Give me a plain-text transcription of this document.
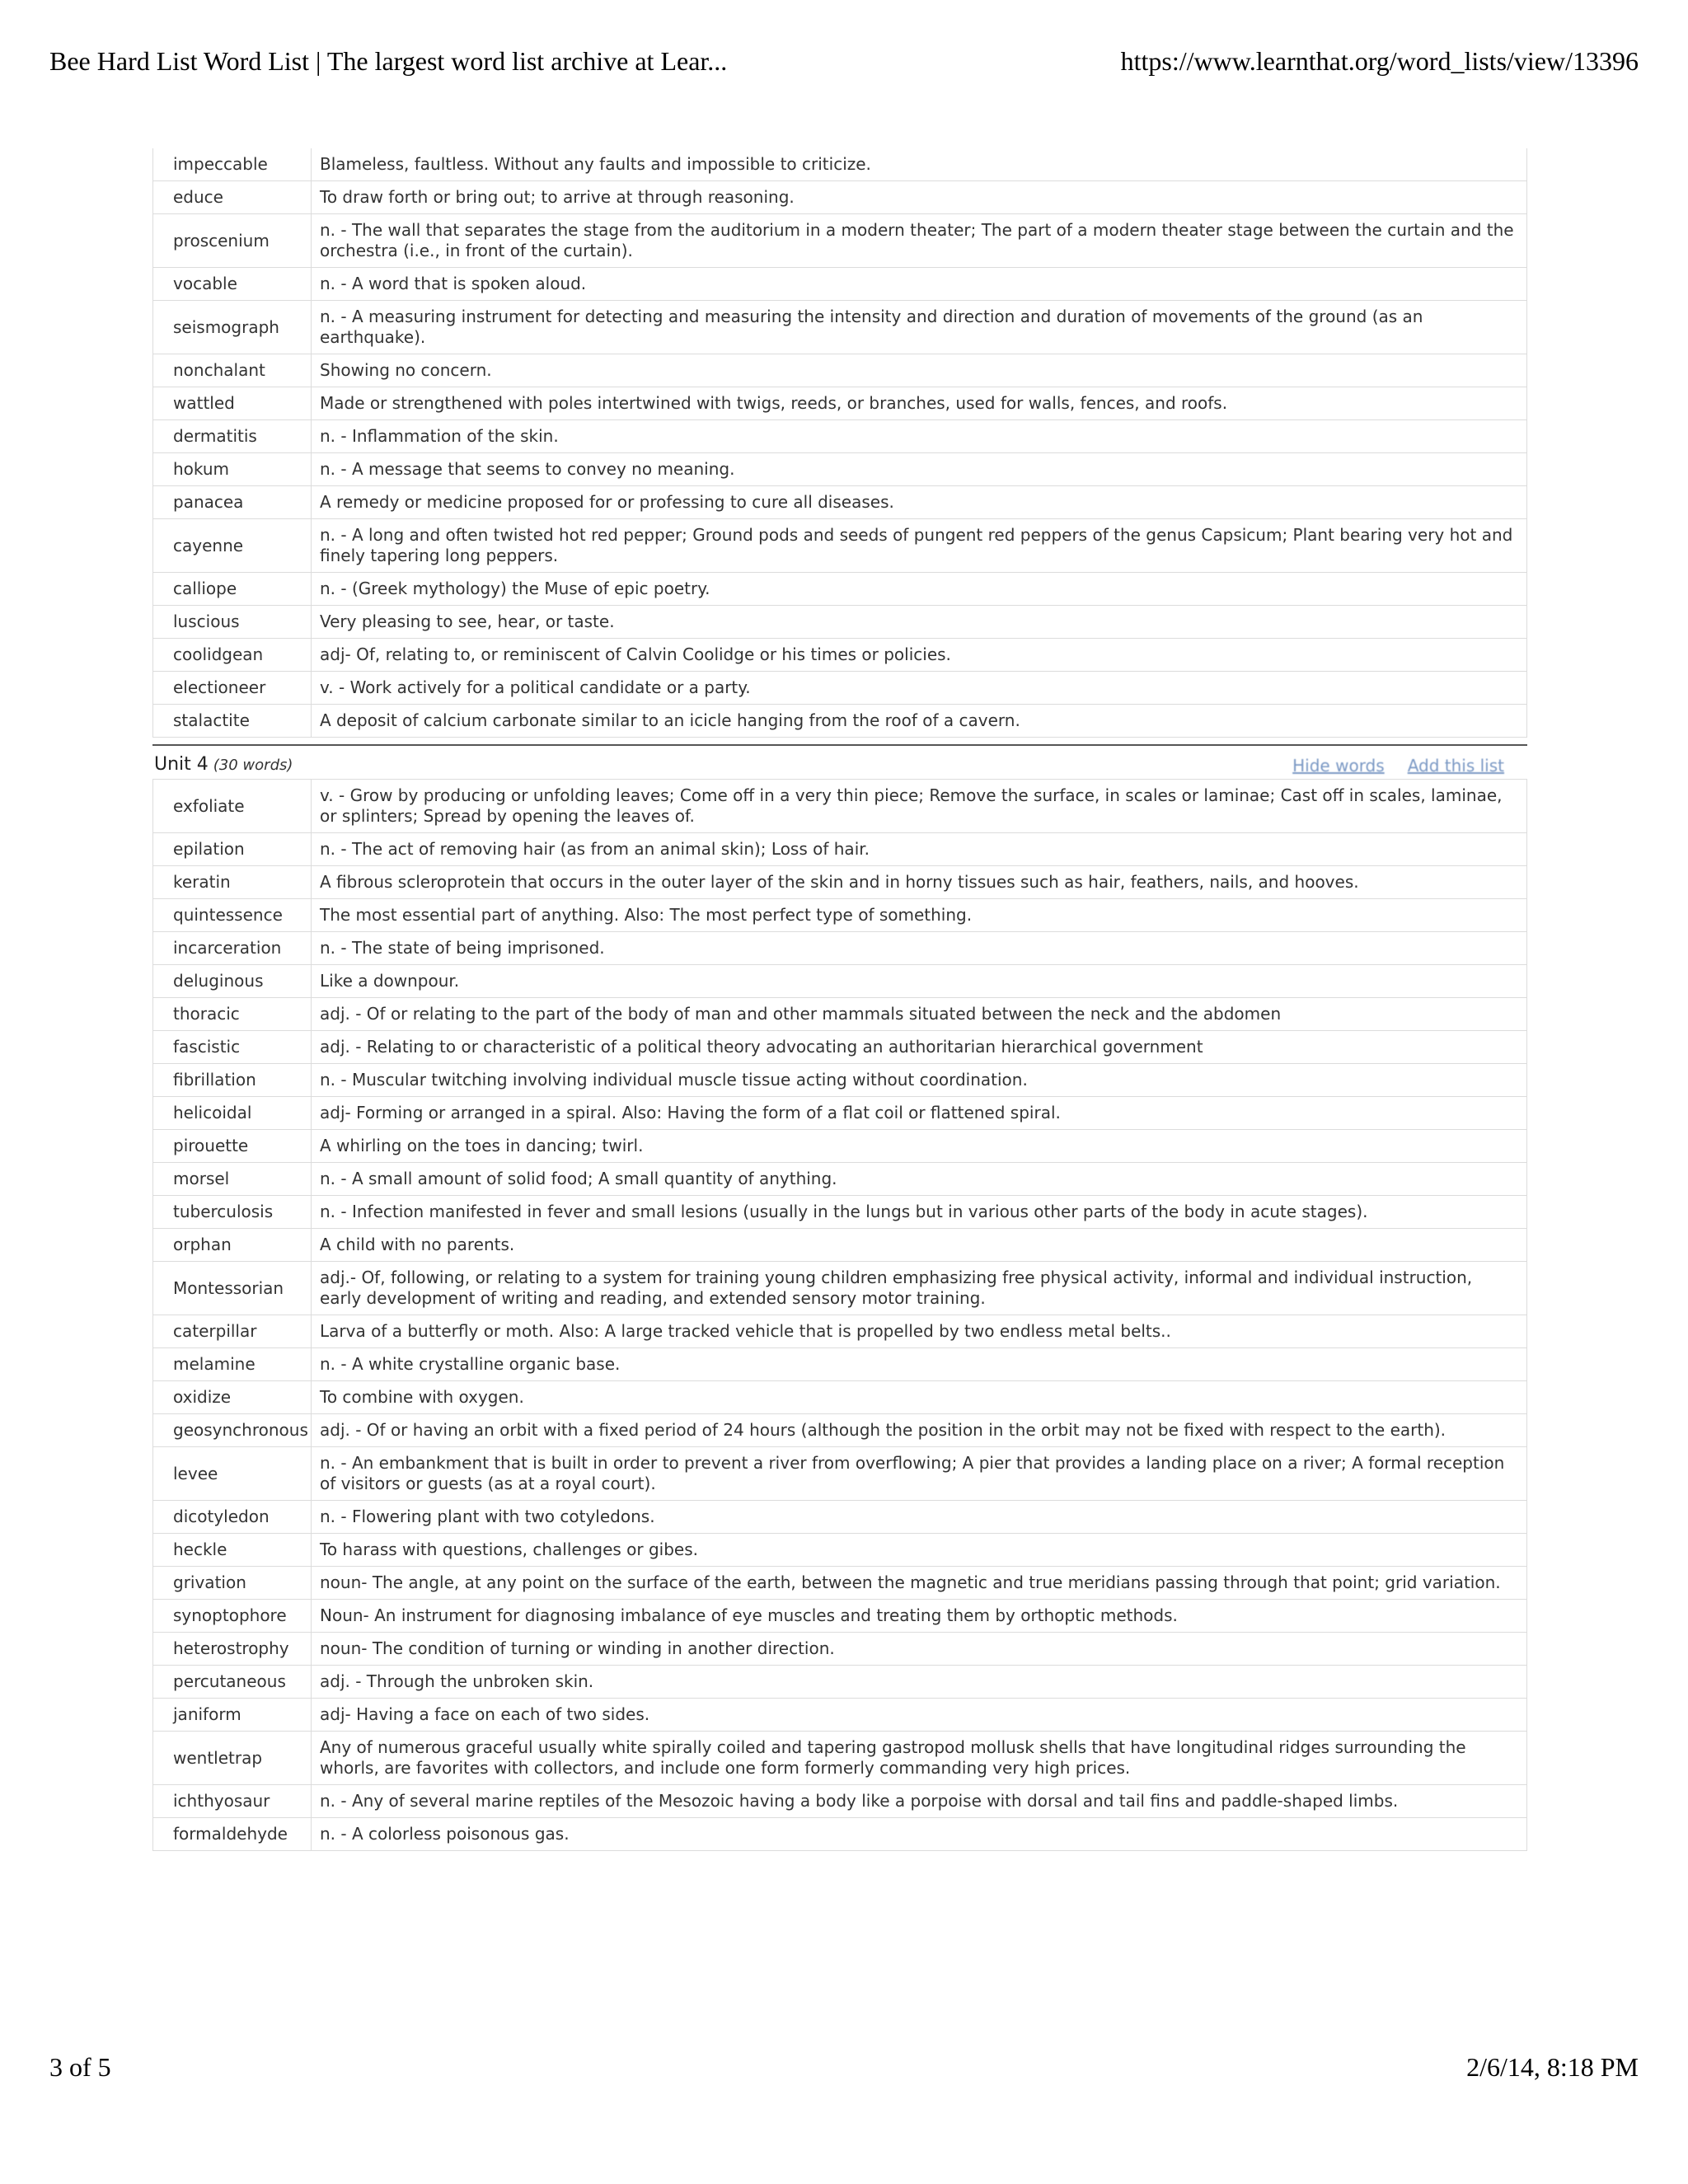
Bee Hard List Word List | The largest word list archive at Lear...	https://www.learnthat.org/word_lists/view/13396
impeccable	Blameless, faultless. Without any faults and impossible to criticize.
educe	To draw forth or bring out; to arrive at through reasoning.
proscenium	n. - The wall that separates the stage from the auditorium in a modern theater; The part of a modern theater stage between the curtain and the orchestra (i.e., in front of the curtain).
vocable	n. - A word that is spoken aloud.
seismograph	n. - A measuring instrument for detecting and measuring the intensity and direction and duration of movements of the ground (as an earthquake).
nonchalant	Showing no concern.
wattled	Made or strengthened with poles intertwined with twigs, reeds, or branches, used for walls, fences, and roofs.
dermatitis	n. - Inflammation of the skin.
hokum	n. - A message that seems to convey no meaning.
panacea	A remedy or medicine proposed for or professing to cure all diseases.
cayenne	n. - A long and often twisted hot red pepper; Ground pods and seeds of pungent red peppers of the genus Capsicum; Plant bearing very hot and finely tapering long peppers.
calliope	n. - (Greek mythology) the Muse of epic poetry.
luscious	Very pleasing to see, hear, or taste.
coolidgean	adj- Of, relating to, or reminiscent of Calvin Coolidge or his times or policies.
electioneer	v. - Work actively for a political candidate or a party.
stalactite	A deposit of calcium carbonate similar to an icicle hanging from the roof of a cavern.
Unit 4 (30 words)	Hide words Add this list
exfoliate	v. - Grow by producing or unfolding leaves; Come off in a very thin piece; Remove the surface, in scales or laminae; Cast off in scales, laminae, or splinters; Spread by opening the leaves of.
epilation	n. - The act of removing hair (as from an animal skin); Loss of hair.
keratin	A fibrous scleroprotein that occurs in the outer layer of the skin and in horny tissues such as hair, feathers, nails, and hooves.
quintessence	The most essential part of anything. Also: The most perfect type of something.
incarceration	n. - The state of being imprisoned.
deluginous	Like a downpour.
thoracic	adj. - Of or relating to the part of the body of man and other mammals situated between the neck and the abdomen
fascistic	adj. - Relating to or characteristic of a political theory advocating an authoritarian hierarchical government
fibrillation	n. - Muscular twitching involving individual muscle tissue acting without coordination.
helicoidal	adj- Forming or arranged in a spiral. Also: Having the form of a flat coil or flattened spiral.
pirouette	A whirling on the toes in dancing; twirl.
morsel	n. - A small amount of solid food; A small quantity of anything.
tuberculosis	n. - Infection manifested in fever and small lesions (usually in the lungs but in various other parts of the body in acute stages).
orphan	A child with no parents.
Montessorian	adj.- Of, following, or relating to a system for training young children emphasizing free physical activity, informal and individual instruction, early development of writing and reading, and extended sensory motor training.
caterpillar	Larva of a butterfly or moth. Also: A large tracked vehicle that is propelled by two endless metal belts..
melamine	n. - A white crystalline organic base.
oxidize	To combine with oxygen.
geosynchronous	adj. - Of or having an orbit with a fixed period of 24 hours (although the position in the orbit may not be fixed with respect to the earth).
levee	n. - An embankment that is built in order to prevent a river from overflowing; A pier that provides a landing place on a river; A formal reception of visitors or guests (as at a royal court).
dicotyledon	n. - Flowering plant with two cotyledons.
heckle	To harass with questions, challenges or gibes.
grivation	noun- The angle, at any point on the surface of the earth, between the magnetic and true meridians passing through that point; grid variation.
synoptophore	Noun- An instrument for diagnosing imbalance of eye muscles and treating them by orthoptic methods.
heterostrophy	noun- The condition of turning or winding in another direction.
percutaneous	adj. - Through the unbroken skin.
janiform	adj- Having a face on each of two sides.
wentletrap	Any of numerous graceful usually white spirally coiled and tapering gastropod mollusk shells that have longitudinal ridges surrounding the whorls, are favorites with collectors, and include one form formerly commanding very high prices.
ichthyosaur	n. - Any of several marine reptiles of the Mesozoic having a body like a porpoise with dorsal and tail fins and paddle-shaped limbs.
formaldehyde	n. - A colorless poisonous gas.
3 of 5	2/6/14, 8:18 PM
